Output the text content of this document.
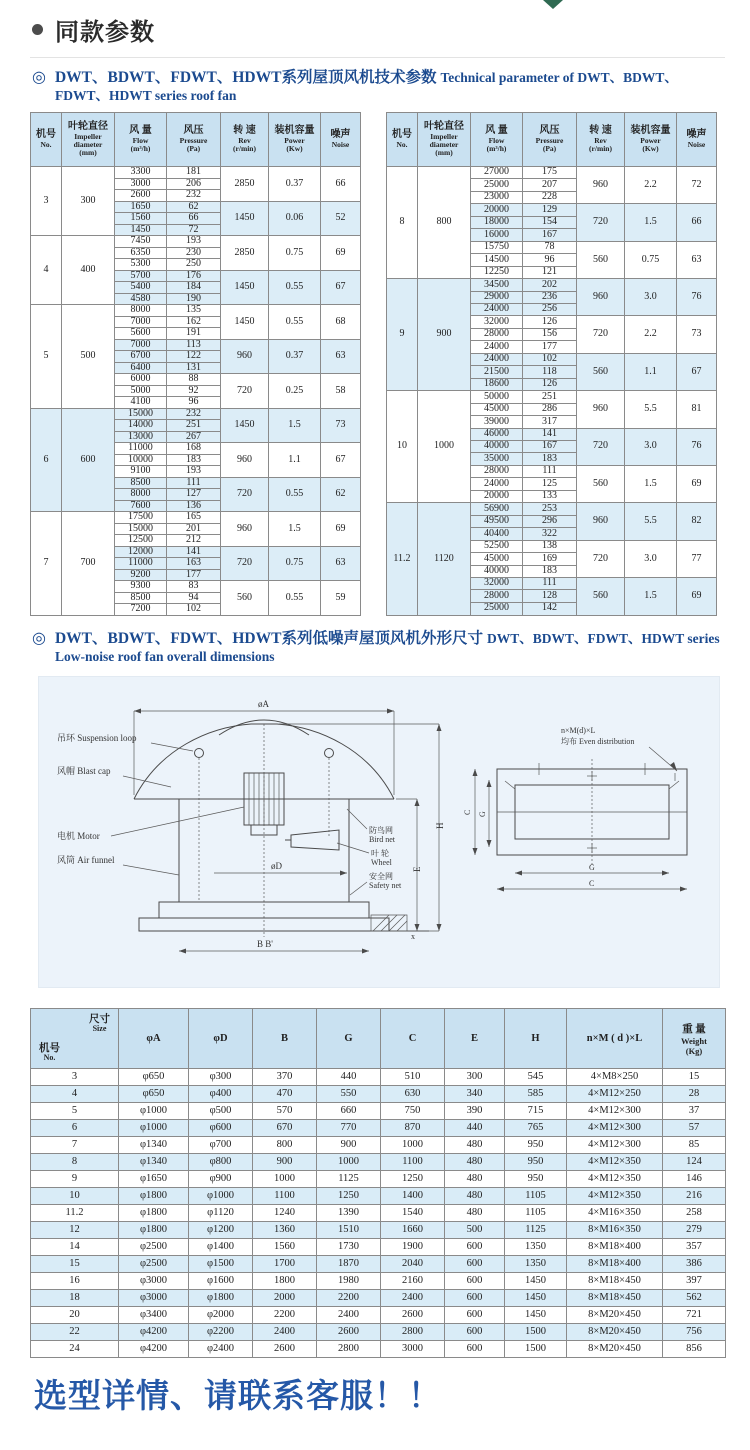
同款参数
◎ DWT、BDWT、FDWT、HDWT系列屋顶风机技术参数 Technical parameter of DWT、BDWT、FDWT、HDWT series roof fan
机号
No.	叶轮直径
Impeller diameter
(mm)	风 量
Flow
(m³/h)	风压
Pressure
(Pa)	转 速
Rev
(r/min)	装机容量
Power
(Kw)	噪声
Noise

3	300	3300	181	2850	0.37	66
		3000	206			
		2600	232			
		1650	62	1450	0.06	52
		1560	66			
		1450	72			
4	400	7450	193	2850	0.75	69
		6350	230			
		5300	250			
		5700	176	1450	0.55	67
		5400	184			
		4580	190			
5	500	8000	135	1450	0.55	68
		7000	162			
		5600	191			
		7000	113	960	0.37	63
		6700	122			
		6400	131			
		6000	88	720	0.25	58
		5000	92			
		4100	96			
6	600	15000	232	1450	1.5	73
		14000	251			
		13000	267			
		11000	168	960	1.1	67
		10000	183			
		9100	193			
		8500	111	720	0.55	62
		8000	127			
		7600	136			
7	700	17500	165	960	1.5	69
		15000	201			
		12500	212			
		12000	141	720	0.75	63
		11000	163			
		9200	177			
		9300	83	560	0.55	59
		8500	94			
		7200	102			
机号
No.	叶轮直径
Impeller diameter
(mm)	风 量
Flow
(m³/h)	风压
Pressure
(Pa)	转 速
Rev
(r/min)	装机容量
Power
(Kw)	噪声
Noise

8	800	27000	175	960	2.2	72
		25000	207			
		23000	228			
		20000	129	720	1.5	66
		18000	154			
		16000	167			
		15750	78	560	0.75	63
		14500	96			
		12250	121			
9	900	34500	202	960	3.0	76
		29000	236			
		24000	256			
		32000	126	720	2.2	73
		28000	156			
		24000	177			
		24000	102	560	1.1	67
		21500	118			
		18600	126			
10	1000	50000	251	960	5.5	81
		45000	286			
		39000	317			
		46000	141	720	3.0	76
		40000	167			
		35000	183			
		28000	111	560	1.5	69
		24000	125			
		20000	133			
11.2	1120	56900	253	960	5.5	82
		49500	296			
		40400	322			
		52500	138	720	3.0	77
		45000	169			
		40000	183			
		32000	111	560	1.5	69
		28000	128			
		25000	142			
◎ DWT、BDWT、FDWT、HDWT系列低噪声屋顶风机外形尺寸 DWT、BDWT、FDWT、HDWT series Low-noise roof fan overall dimensions
x
øA
øD
B B'
E
H
吊环 Suspension loop
风帽 Blast cap
电机 Motor
风筒 Air funnel
防鸟网
Bird net
叶 轮
Wheel
安全网
Safety net
n×M(d)×L
均布 Even distribution
C G
G
C
尺寸
Size
机号
No.	φA	φD	B	G	C	E	H	n×M ( d )×L	重 量
Weight
(Kg)

3	φ650	φ300	370	440	510	300	545	4×M8×250	15
4	φ650	φ400	470	550	630	340	585	4×M12×250	28
5	φ1000	φ500	570	660	750	390	715	4×M12×300	37
6	φ1000	φ600	670	770	870	440	765	4×M12×300	57
7	φ1340	φ700	800	900	1000	480	950	4×M12×300	85
8	φ1340	φ800	900	1000	1100	480	950	4×M12×350	124
9	φ1650	φ900	1000	1125	1250	480	950	4×M12×350	146
10	φ1800	φ1000	1100	1250	1400	480	1105	4×M12×350	216
11.2	φ1800	φ1120	1240	1390	1540	480	1105	4×M16×350	258
12	φ1800	φ1200	1360	1510	1660	500	1125	8×M16×350	279
14	φ2500	φ1400	1560	1730	1900	600	1350	8×M18×400	357
15	φ2500	φ1500	1700	1870	2040	600	1350	8×M18×400	386
16	φ3000	φ1600	1800	1980	2160	600	1450	8×M18×450	397
18	φ3000	φ1800	2000	2200	2400	600	1450	8×M18×450	562
20	φ3400	φ2000	2200	2400	2600	600	1450	8×M20×450	721
22	φ4200	φ2200	2400	2600	2800	600	1500	8×M20×450	756
24	φ4200	φ2400	2600	2800	3000	600	1500	8×M20×450	856
选型详情、请联系客服！！
